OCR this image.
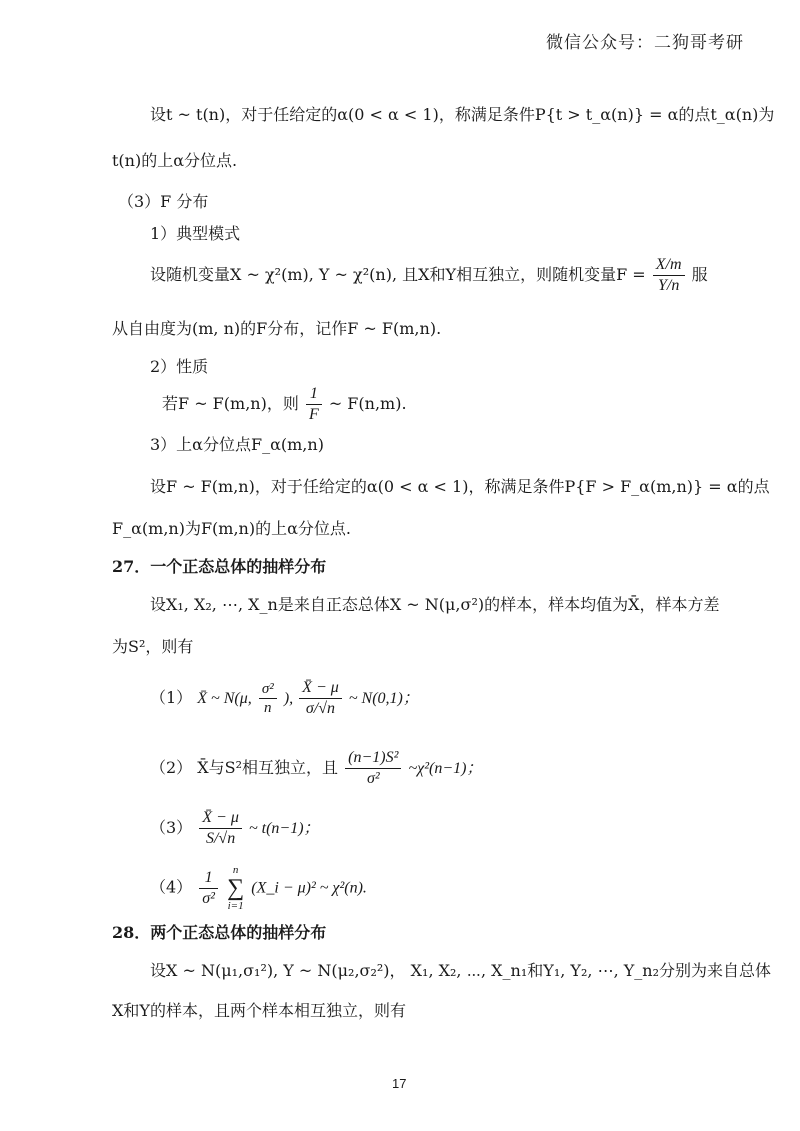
微信公众号：二狗哥考研
设t ~ t(n)，对于任给定的α(0 < α < 1)，称满足条件P{t > t_α(n)} = α的点t_α(n)为
t(n)的上α分位点.
（3）F 分布
1）典型模式
设随机变量X ~ χ²(m), Y ~ χ²(n), 且X和Y相互独立，则随机变量$F = \frac{X/m}{Y/n}$ 服
从自由度为(m, n)的F分布，记作F ~ F(m,n).
2）性质
若F ~ F(m,n)，则 $\frac{1}{F}$ ~ F(n,m).
3）上α分位点F_α(m,n)
设F ~ F(m,n)，对于任给定的α(0 < α < 1)，称满足条件P{F > F_α(m,n)} = α的点
F_α(m,n)为F(m,n)的上α分位点.
27．一个正态总体的抽样分布
设X₁, X₂, ⋯, X_n是来自正态总体X ~ N(μ,σ²)的样本，样本均值为X̄，样本方差
为S²，则有
（1） X̄ ~ N(μ, $\frac{\text{σ²}}{n}$ ), $\frac{X̄ - \mu}{\sigma/√n}$ ~ N(0,1)；
（2） X̄与S²相互独立，且 $\frac{\text{(n−1)S²}}{\text{σ²}}$ ~χ²(n−1)；
$(3) \frac{X̄ - \mu}{S/√n}$ ~ t(n−1)；
$(4) \frac{1}{\text{σ²}}$ n
∑
i=1 (X_i − μ)² ~ χ²(n).
28．两个正态总体的抽样分布
设X ~ N(μ₁,σ₁²), Y ~ N(μ₂,σ₂²)， X₁, X₂, ⋯, X_n₁和Y₁, Y₂, ⋯, Y_n₂分别为来自总体
X和Y的样本，且两个样本相互独立，则有
17
